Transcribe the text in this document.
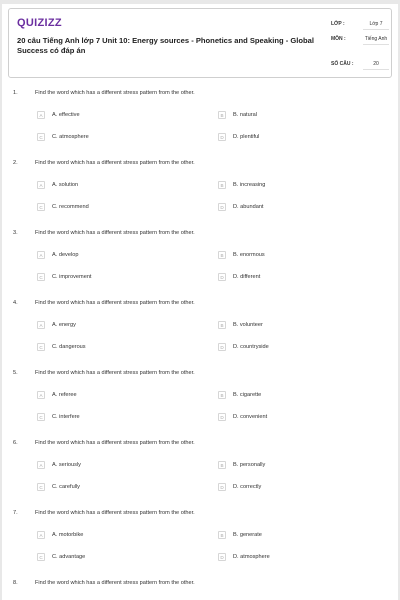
QUIZIZZ
20 câu Tiếng Anh lớp 7 Unit 10: Energy sources - Phonetics and Speaking - Global Success có đáp án
LỚP :	Lớp 7
MÔN :	Tiếng Anh
SỐ CÂU :	20
1.	Find the word which has a different stress pattern from the other.
A	A. effective	B	B. natural
C	C. atmosphere	D	D. plentiful
2.	Find the word which has a different stress pattern from the other.
A	A. solution	B	B. increasing
C	C. recommend	D	D. abundant
3.	Find the word which has a different stress pattern from the other.
A	A. develop	B	B. enormous
C	C. improvement	D	D. different
4.	Find the word which has a different stress pattern from the other.
A	A. energy	B	B. volunteer
C	C. dangerous	D	D. countryside
5.	Find the word which has a different stress pattern from the other.
A	A. referee	B	B. cigarette
C	C. interfere	D	D. convenient
6.	Find the word which has a different stress pattern from the other.
A	A. seriously	B	B. personally
C	C. carefully	D	D. correctly
7.	Find the word which has a different stress pattern from the other.
A	A. motorbike	B	B. generate
C	C. advantage	D	D. atmosphere
8.	Find the word which has a different stress pattern from the other.
